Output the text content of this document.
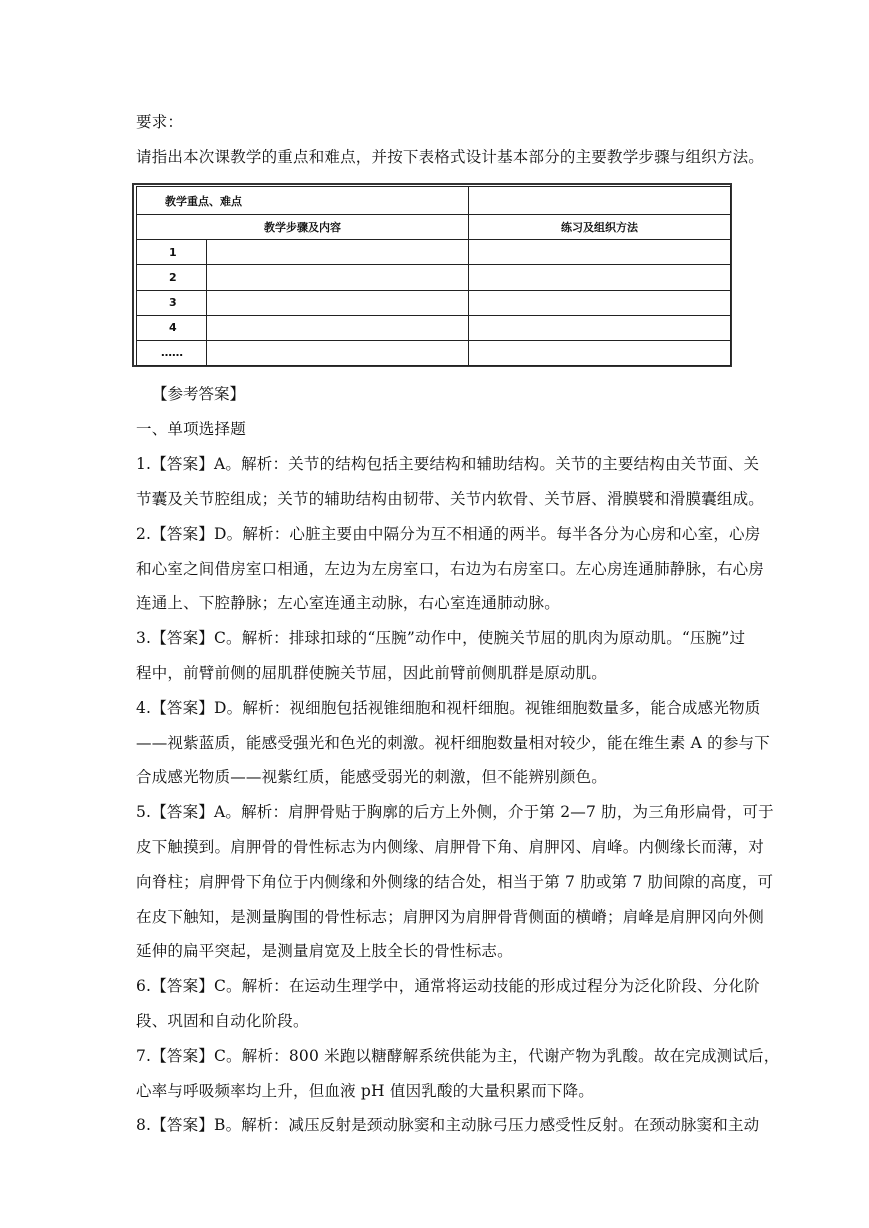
要求：
请指出本次课教学的重点和难点，并按下表格式设计基本部分的主要教学步骤与组织方法。
教学重点、难点		
教学步骤及内容		练习及组织方法
1		
2		
3		
4		
……		
【参考答案】
一、单项选择题
1.【答案】A。解析：关节的结构包括主要结构和辅助结构。关节的主要结构由关节面、关
节囊及关节腔组成；关节的辅助结构由韧带、关节内软骨、关节唇、滑膜襞和滑膜囊组成。
2.【答案】D。解析：心脏主要由中隔分为互不相通的两半。每半各分为心房和心室，心房
和心室之间借房室口相通，左边为左房室口，右边为右房室口。左心房连通肺静脉，右心房
连通上、下腔静脉；左心室连通主动脉，右心室连通肺动脉。
3.【答案】C。解析：排球扣球的“压腕”动作中，使腕关节屈的肌肉为原动肌。“压腕”过
程中，前臂前侧的屈肌群使腕关节屈，因此前臂前侧肌群是原动肌。
4.【答案】D。解析：视细胞包括视锥细胞和视杆细胞。视锥细胞数量多，能合成感光物质
——视紫蓝质，能感受强光和色光的刺激。视杆细胞数量相对较少，能在维生素 A 的参与下
合成感光物质——视紫红质，能感受弱光的刺激，但不能辨别颜色。
5.【答案】A。解析：肩胛骨贴于胸廓的后方上外侧，介于第 2—7 肋，为三角形扁骨，可于
皮下触摸到。肩胛骨的骨性标志为内侧缘、肩胛骨下角、肩胛冈、肩峰。内侧缘长而薄，对
向脊柱；肩胛骨下角位于内侧缘和外侧缘的结合处，相当于第 7 肋或第 7 肋间隙的高度，可
在皮下触知，是测量胸围的骨性标志；肩胛冈为肩胛骨背侧面的横嵴；肩峰是肩胛冈向外侧
延伸的扁平突起，是测量肩宽及上肢全长的骨性标志。
6.【答案】C。解析：在运动生理学中，通常将运动技能的形成过程分为泛化阶段、分化阶
段、巩固和自动化阶段。
7.【答案】C。解析：800 米跑以糖酵解系统供能为主，代谢产物为乳酸。故在完成测试后，
心率与呼吸频率均上升，但血液 pH 值因乳酸的大量积累而下降。
8.【答案】B。解析：减压反射是颈动脉窦和主动脉弓压力感受性反射。在颈动脉窦和主动
